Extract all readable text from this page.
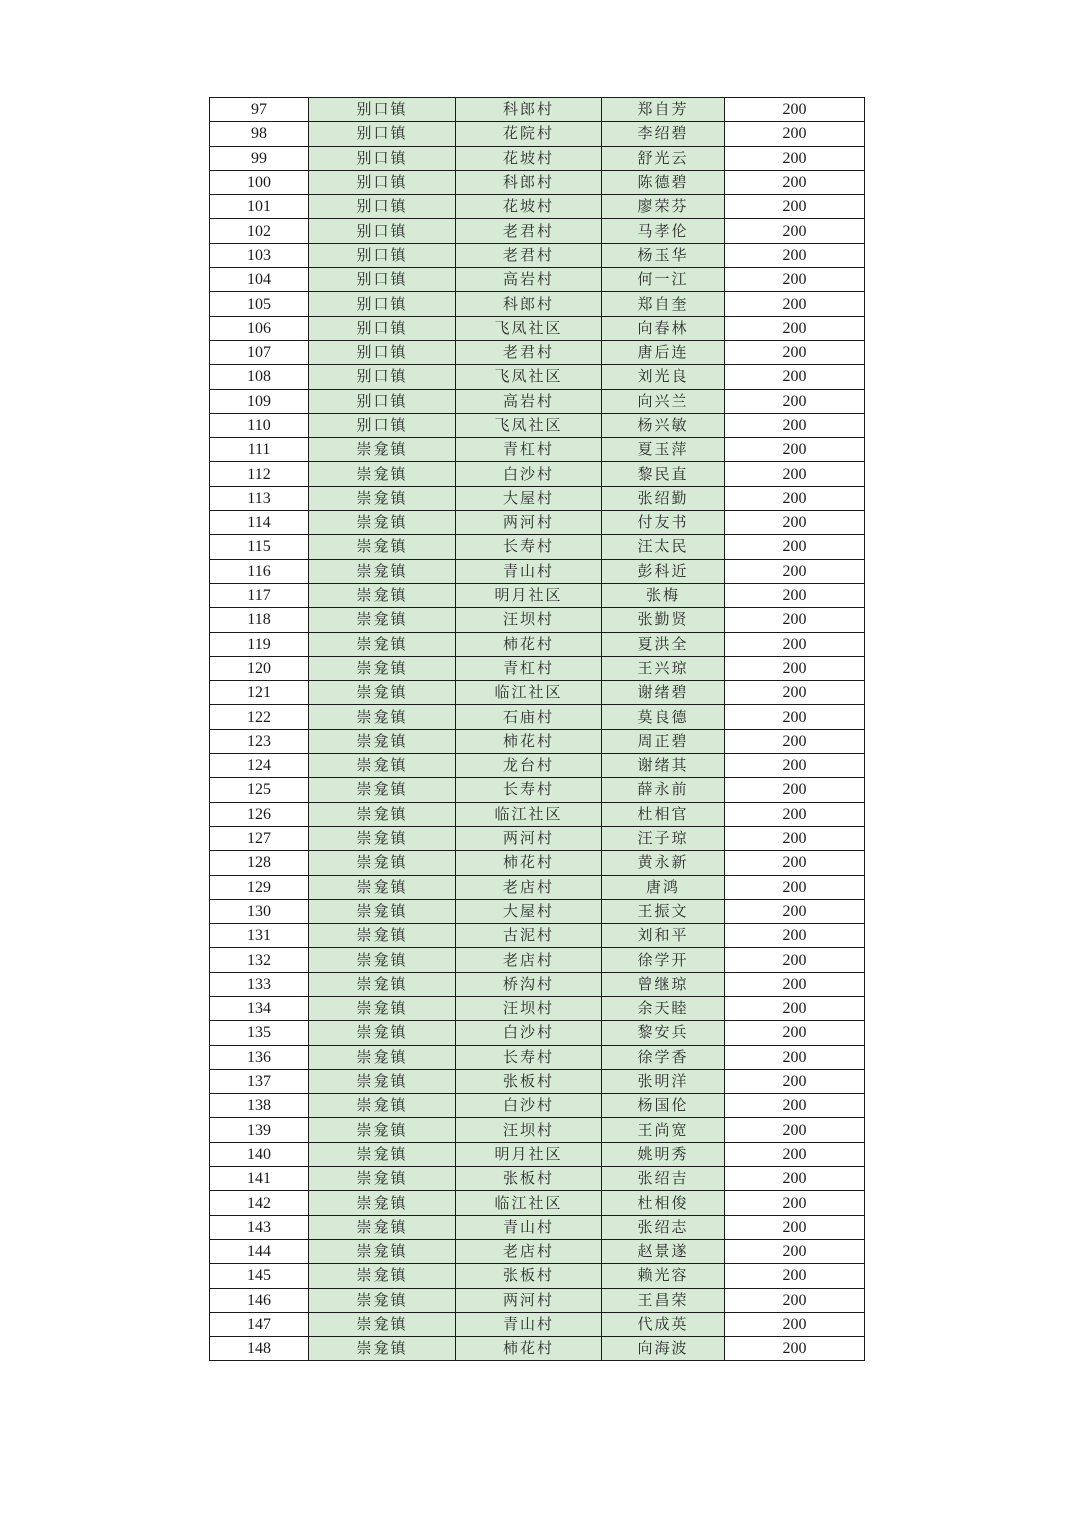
97	别口镇	科郎村	郑自芳	200
98	别口镇	花院村	李绍碧	200
99	别口镇	花坡村	舒光云	200
100	别口镇	科郎村	陈德碧	200
101	别口镇	花坡村	廖荣芬	200
102	别口镇	老君村	马孝伦	200
103	别口镇	老君村	杨玉华	200
104	别口镇	高岩村	何一江	200
105	别口镇	科郎村	郑自奎	200
106	别口镇	飞凤社区	向春林	200
107	别口镇	老君村	唐后连	200
108	别口镇	飞凤社区	刘光良	200
109	别口镇	高岩村	向兴兰	200
110	别口镇	飞凤社区	杨兴敏	200
111	崇龛镇	青杠村	夏玉萍	200
112	崇龛镇	白沙村	黎民直	200
113	崇龛镇	大屋村	张绍勤	200
114	崇龛镇	两河村	付友书	200
115	崇龛镇	长寿村	汪太民	200
116	崇龛镇	青山村	彭科近	200
117	崇龛镇	明月社区	张梅	200
118	崇龛镇	汪坝村	张勤贤	200
119	崇龛镇	柿花村	夏洪全	200
120	崇龛镇	青杠村	王兴琼	200
121	崇龛镇	临江社区	谢绪碧	200
122	崇龛镇	石庙村	莫良德	200
123	崇龛镇	柿花村	周正碧	200
124	崇龛镇	龙台村	谢绪其	200
125	崇龛镇	长寿村	薛永前	200
126	崇龛镇	临江社区	杜相官	200
127	崇龛镇	两河村	汪子琼	200
128	崇龛镇	柿花村	黄永新	200
129	崇龛镇	老店村	唐鸿	200
130	崇龛镇	大屋村	王振文	200
131	崇龛镇	古泥村	刘和平	200
132	崇龛镇	老店村	徐学开	200
133	崇龛镇	桥沟村	曾继琼	200
134	崇龛镇	汪坝村	余天睦	200
135	崇龛镇	白沙村	黎安兵	200
136	崇龛镇	长寿村	徐学香	200
137	崇龛镇	张板村	张明洋	200
138	崇龛镇	白沙村	杨国伦	200
139	崇龛镇	汪坝村	王尚宽	200
140	崇龛镇	明月社区	姚明秀	200
141	崇龛镇	张板村	张绍吉	200
142	崇龛镇	临江社区	杜相俊	200
143	崇龛镇	青山村	张绍志	200
144	崇龛镇	老店村	赵景遂	200
145	崇龛镇	张板村	赖光容	200
146	崇龛镇	两河村	王昌荣	200
147	崇龛镇	青山村	代成英	200
148	崇龛镇	柿花村	向海波	200
